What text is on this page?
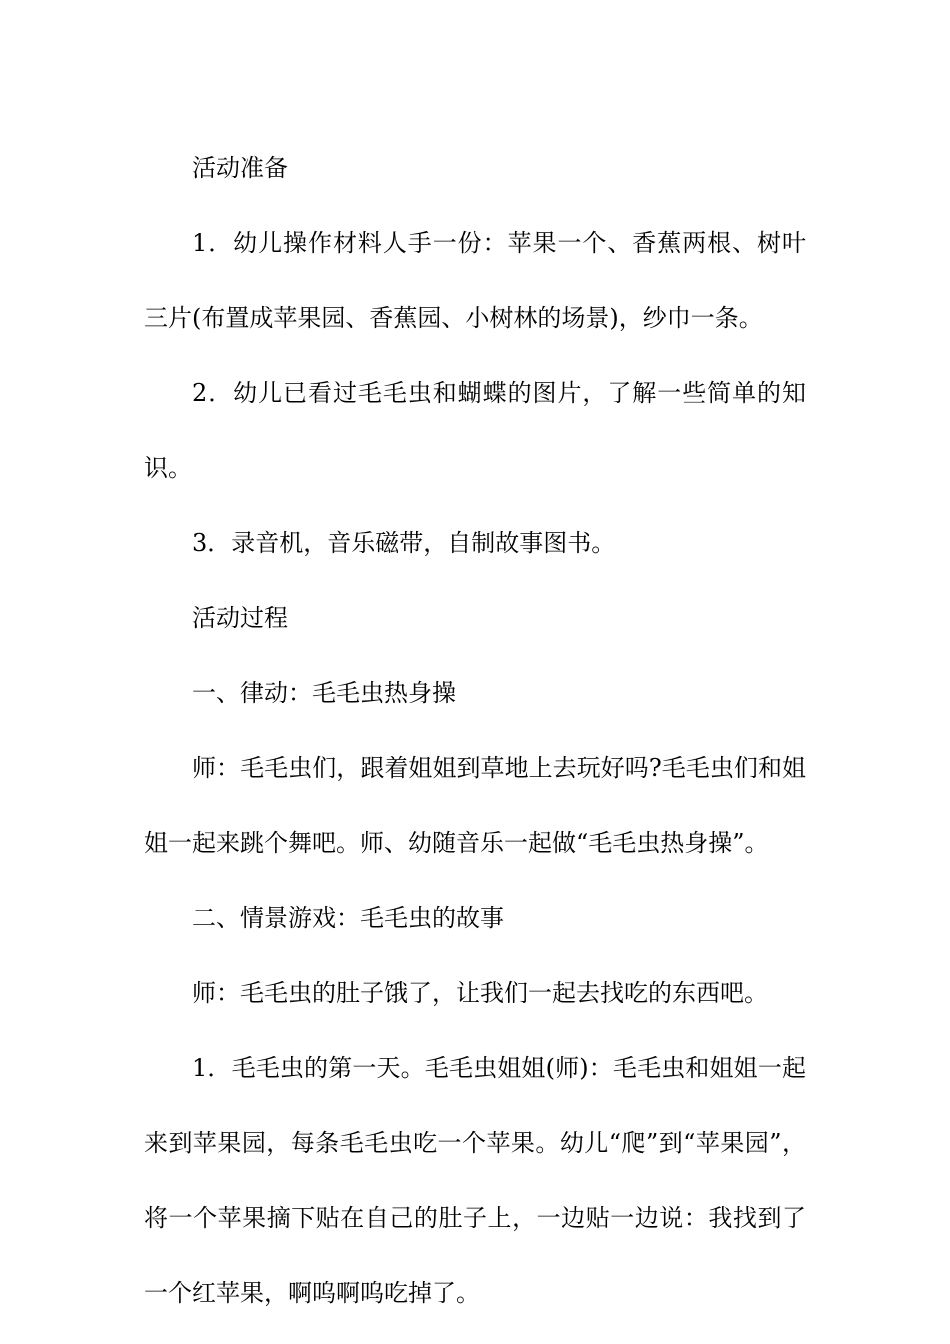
活动准备

1．幼儿操作材料人手一份：苹果一个、香蕉两根、树叶三片(布置成苹果园、香蕉园、小树林的场景)，纱巾一条。

2．幼儿已看过毛毛虫和蝴蝶的图片，了解一些简单的知识。

3．录音机，音乐磁带，自制故事图书。

活动过程

一、律动：毛毛虫热身操

师：毛毛虫们，跟着姐姐到草地上去玩好吗?毛毛虫们和姐姐一起来跳个舞吧。师、幼随音乐一起做“毛毛虫热身操”。

二、情景游戏：毛毛虫的故事

师：毛毛虫的肚子饿了，让我们一起去找吃的东西吧。

1．毛毛虫的第一天。毛毛虫姐姐(师)：毛毛虫和姐姐一起来到苹果园，每条毛毛虫吃一个苹果。幼儿“爬”到“苹果园”，将一个苹果摘下贴在自己的肚子上，一边贴一边说：我找到了一个红苹果，啊呜啊呜吃掉了。
